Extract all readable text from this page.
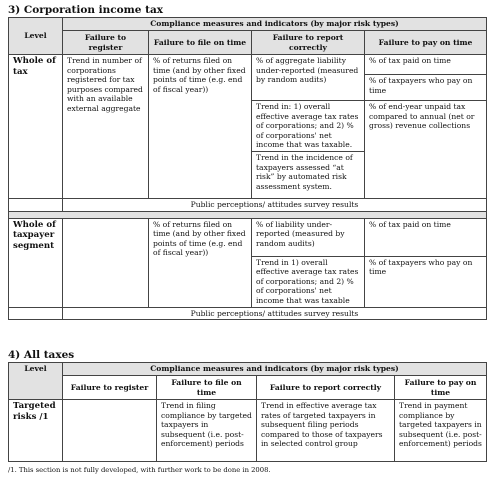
3) Corporation income tax
Level	Compliance measures and indicators (by major risk types)			
	Failure to register	Failure to file on time	Failure to report correctly	Failure to pay on time
Whole of tax	Trend in number of corporations registered for tax purposes compared with an available external aggregate	% of returns filed on time (and by other fixed points of time (e.g. end of fiscal year))	% of aggregate liability under-reported (measured by random audits)	% of tax paid on time
				% of taxpayers who pay on time
			Trend in: 1) overall effective average tax rates of corporations; and 2) % of corporations' net income that was taxable.	% of end-year unpaid tax compared to annual (net or gross) revenue collections
			Trend in the incidence of taxpayers assessed “at risk” by automated risk assessment system.	
	Public perceptions/ attitudes survey results			

Whole of taxpayer segment		% of returns filed on time (and by other fixed points of time (e.g. end of fiscal year))	% of liability under-reported (measured by random audits)	% of tax paid on time
			Trend in 1) overall effective average tax rates of corporations; and 2) % of corporations' net income that was taxable	% of taxpayers who pay on time
	Public perceptions/ attitudes survey results			
4) All taxes
Level	Compliance measures and indicators (by major risk types)			
	Failure to register	Failure to file on time	Failure to report correctly	Failure to pay on time
Targeted risks /1		Trend in filing compliance by targeted taxpayers in subsequent (i.e. post-enforcement) periods	Trend in effective average tax rates of targeted taxpayers in subsequent filing periods compared to those of taxpayers in selected control group	Trend in payment compliance by targeted taxpayers in subsequent (i.e. post-enforcement) periods
/1. This section is not fully developed, with further work to be done in 2008.
